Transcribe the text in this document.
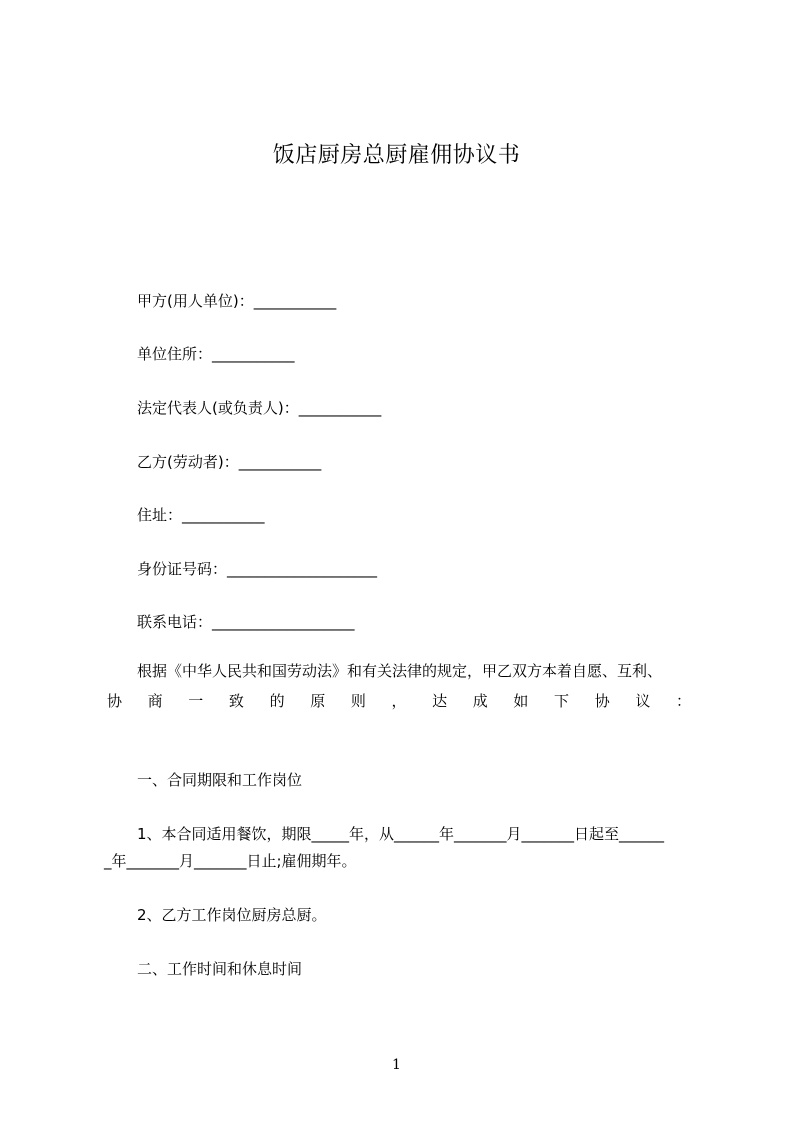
饭店厨房总厨雇佣协议书
甲方(用人单位)：___________
单位住所：___________
法定代表人(或负责人)：___________
乙方(劳动者)：___________
住址：___________
身份证号码：____________________
联系电话：___________________
根据《中华人民共和国劳动法》和有关法律的规定，甲乙双方本着自愿、互利、
协 商 一 致 的 原 则 ， 达 成 如 下 协 议 ：
一、合同期限和工作岗位
1、本合同适用餐饮，期限_____年，从______年_______月_______日起至______
_年_______月_______日止;雇佣期年。
2、乙方工作岗位厨房总厨。
二、工作时间和休息时间
1
